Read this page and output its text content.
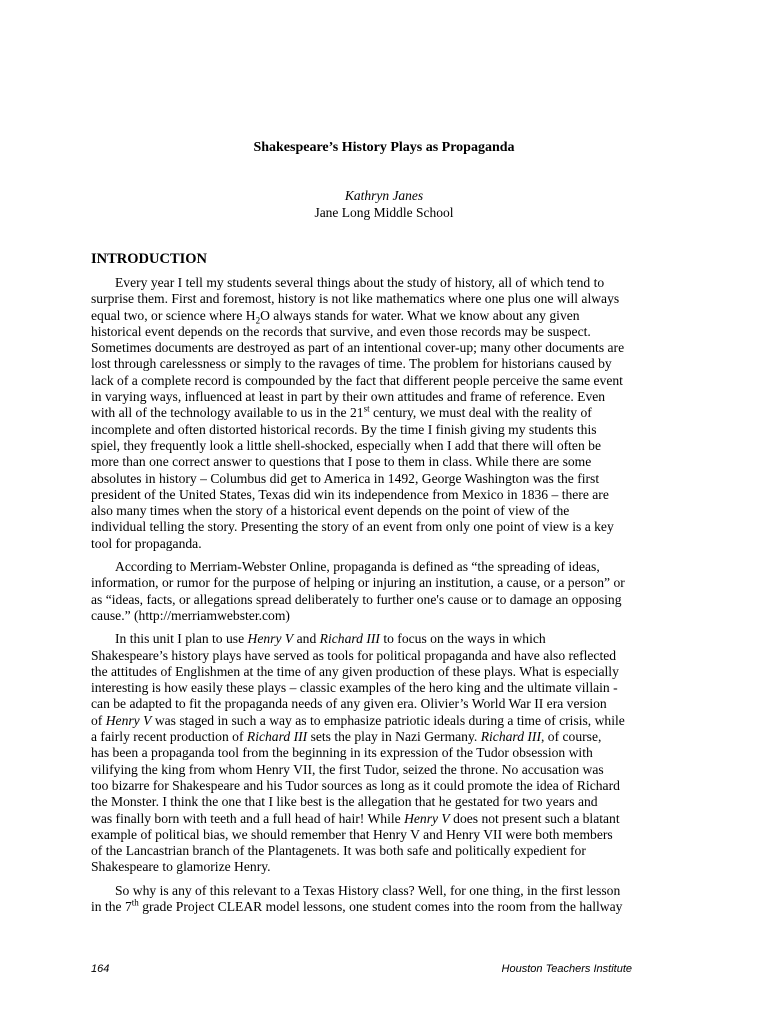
Shakespeare’s History Plays as Propaganda
Kathryn Janes
Jane Long Middle School
INTRODUCTION

Every year I tell my students several things about the study of history, all of which tend to
surprise them. First and foremost, history is not like mathematics where one plus one will always
equal two, or science where $H_2O$ always stands for water. What we know about any given
historical event depends on the records that survive, and even those records may be suspect.
Sometimes documents are destroyed as part of an intentional cover-up; many other documents are
lost through carelessness or simply to the ravages of time. The problem for historians caused by
lack of a complete record is compounded by the fact that different people perceive the same event
in varying ways, influenced at least in part by their own attitudes and frame of reference. Even
with all of the technology available to us in the 21st century, we must deal with the reality of
incomplete and often distorted historical records. By the time I finish giving my students this
spiel, they frequently look a little shell-shocked, especially when I add that there will often be
more than one correct answer to questions that I pose to them in class. While there are some
absolutes in history – Columbus did get to America in 1492, George Washington was the first
president of the United States, Texas did win its independence from Mexico in 1836 – there are
also many times when the story of a historical event depends on the point of view of the
individual telling the story. Presenting the story of an event from only one point of view is a key
tool for propaganda.

According to Merriam-Webster Online, propaganda is defined as “the spreading of ideas,
information, or rumor for the purpose of helping or injuring an institution, a cause, or a person” or
as “ideas, facts, or allegations spread deliberately to further one's cause or to damage an opposing
cause.” (http://merriamwebster.com)

In this unit I plan to use Henry V and Richard III to focus on the ways in which
Shakespeare’s history plays have served as tools for political propaganda and have also reflected
the attitudes of Englishmen at the time of any given production of these plays. What is especially
interesting is how easily these plays – classic examples of the hero king and the ultimate villain -
can be adapted to fit the propaganda needs of any given era. Olivier’s World War II era version
of Henry V was staged in such a way as to emphasize patriotic ideals during a time of crisis, while
a fairly recent production of Richard III sets the play in Nazi Germany. Richard III, of course,
has been a propaganda tool from the beginning in its expression of the Tudor obsession with
vilifying the king from whom Henry VII, the first Tudor, seized the throne. No accusation was
too bizarre for Shakespeare and his Tudor sources as long as it could promote the idea of Richard
the Monster. I think the one that I like best is the allegation that he gestated for two years and
was finally born with teeth and a full head of hair! While Henry V does not present such a blatant
example of political bias, we should remember that Henry V and Henry VII were both members
of the Lancastrian branch of the Plantagenets. It was both safe and politically expedient for
Shakespeare to glamorize Henry.

So why is any of this relevant to a Texas History class? Well, for one thing, in the first lesson
in the 7th grade Project CLEAR model lessons, one student comes into the room from the hallway

164	Houston Teachers Institute
